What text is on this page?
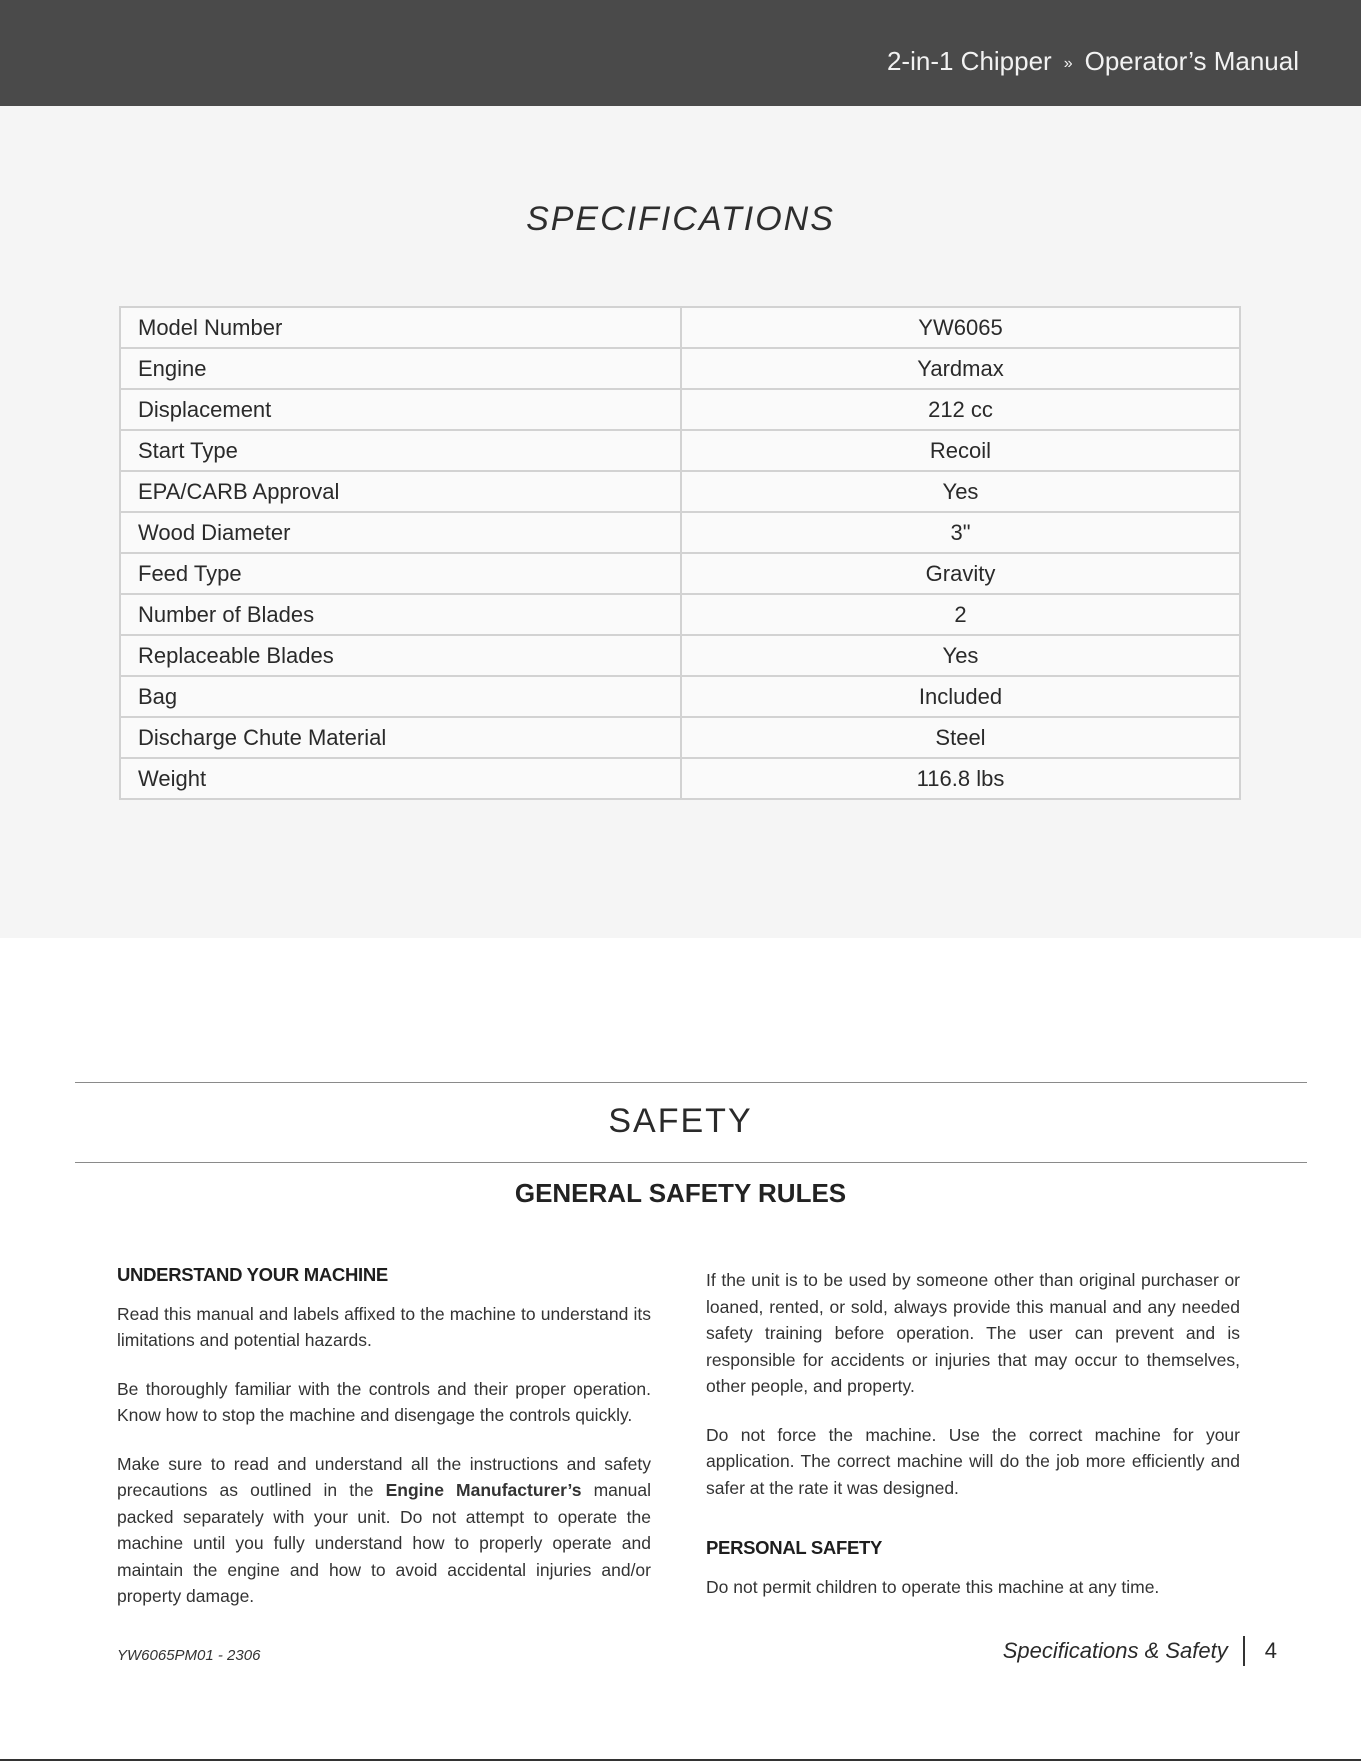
2-in-1 Chipper » Operator’s Manual
SPECIFICATIONS
Model Number	YW6065
Engine	Yardmax
Displacement	212 cc
Start Type	Recoil
EPA/CARB Approval	Yes
Wood Diameter	3"
Feed Type	Gravity
Number of Blades	2
Replaceable Blades	Yes
Bag	Included
Discharge Chute Material	Steel
Weight	116.8 lbs
SAFETY
GENERAL SAFETY RULES
UNDERSTAND YOUR MACHINE

Read this manual and labels affixed to the machine to understand its limitations and potential hazards.

Be thoroughly familiar with the controls and their proper operation. Know how to stop the machine and disengage the controls quickly.

Make sure to read and understand all the instructions and safety precautions as outlined in the Engine Manufacturer’s manual packed separately with your unit. Do not attempt to operate the machine until you fully understand how to properly operate and maintain the engine and how to avoid accidental injuries and/or property damage.

If the unit is to be used by someone other than original purchaser or loaned, rented, or sold, always provide this manual and any needed safety training before operation. The user can prevent and is responsible for accidents or injuries that may occur to themselves, other people, and property.

Do not force the machine. Use the correct machine for your application. The correct machine will do the job more efficiently and safer at the rate it was designed.

PERSONAL SAFETY

Do not permit children to operate this machine at any time.

YW6065PM01 - 2306	Specifications & Safety 4
